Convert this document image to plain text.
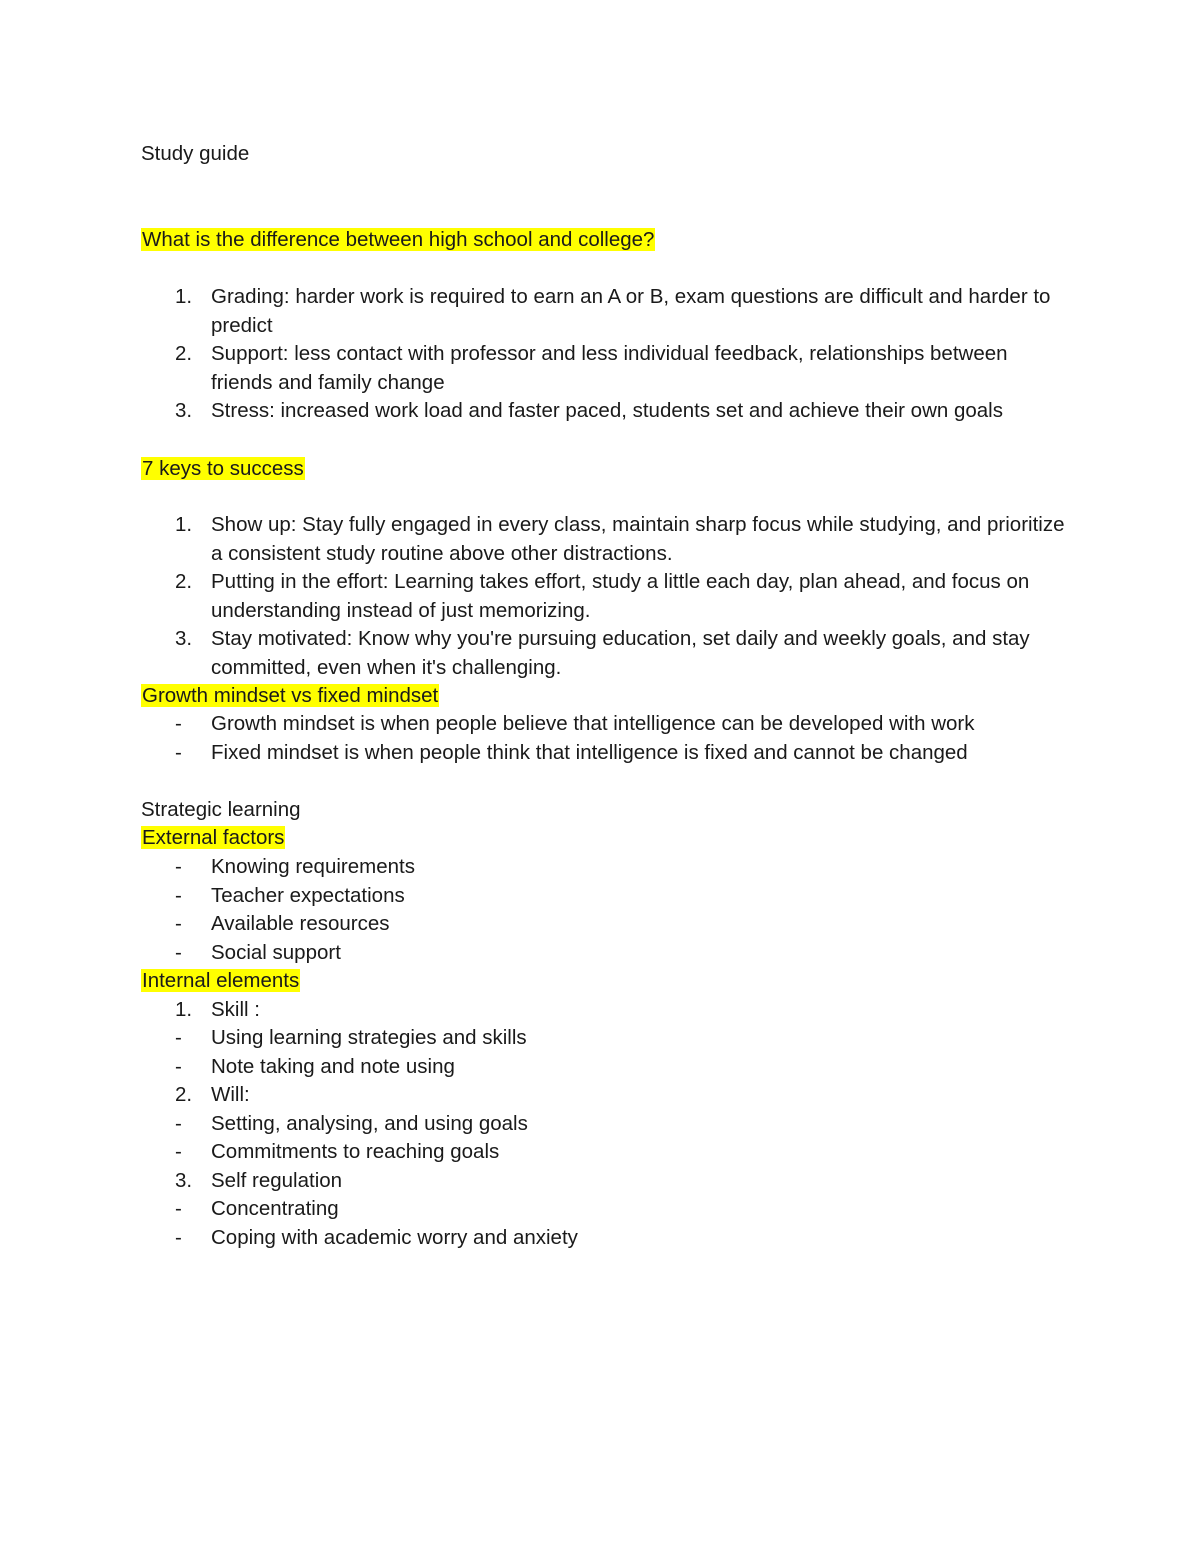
Study guide
What is the difference between high school and college?
1. Grading: harder work is required to earn an A or B, exam questions are difficult and harder to predict
2. Support: less contact with professor and less individual feedback, relationships between friends and family change
3. Stress: increased work load and faster paced, students set and achieve their own goals
7 keys to success
1. Show up: Stay fully engaged in every class, maintain sharp focus while studying, and prioritize a consistent study routine above other distractions.
2. Putting in the effort: Learning takes effort, study a little each day, plan ahead, and focus on understanding instead of just memorizing.
3. Stay motivated: Know why you're pursuing education, set daily and weekly goals, and stay committed, even when it's challenging.
Growth mindset vs fixed mindset
- Growth mindset is when people believe that intelligence can be developed with work
- Fixed mindset is when people think that intelligence is fixed and cannot be changed
Strategic learning
External factors
- Knowing requirements
- Teacher expectations
- Available resources
- Social support
Internal elements
1. Skill :
- Using learning strategies and skills
- Note taking and note using
2. Will:
- Setting, analysing, and using goals
- Commitments to reaching goals
3. Self regulation
- Concentrating
- Coping with academic worry and anxiety
